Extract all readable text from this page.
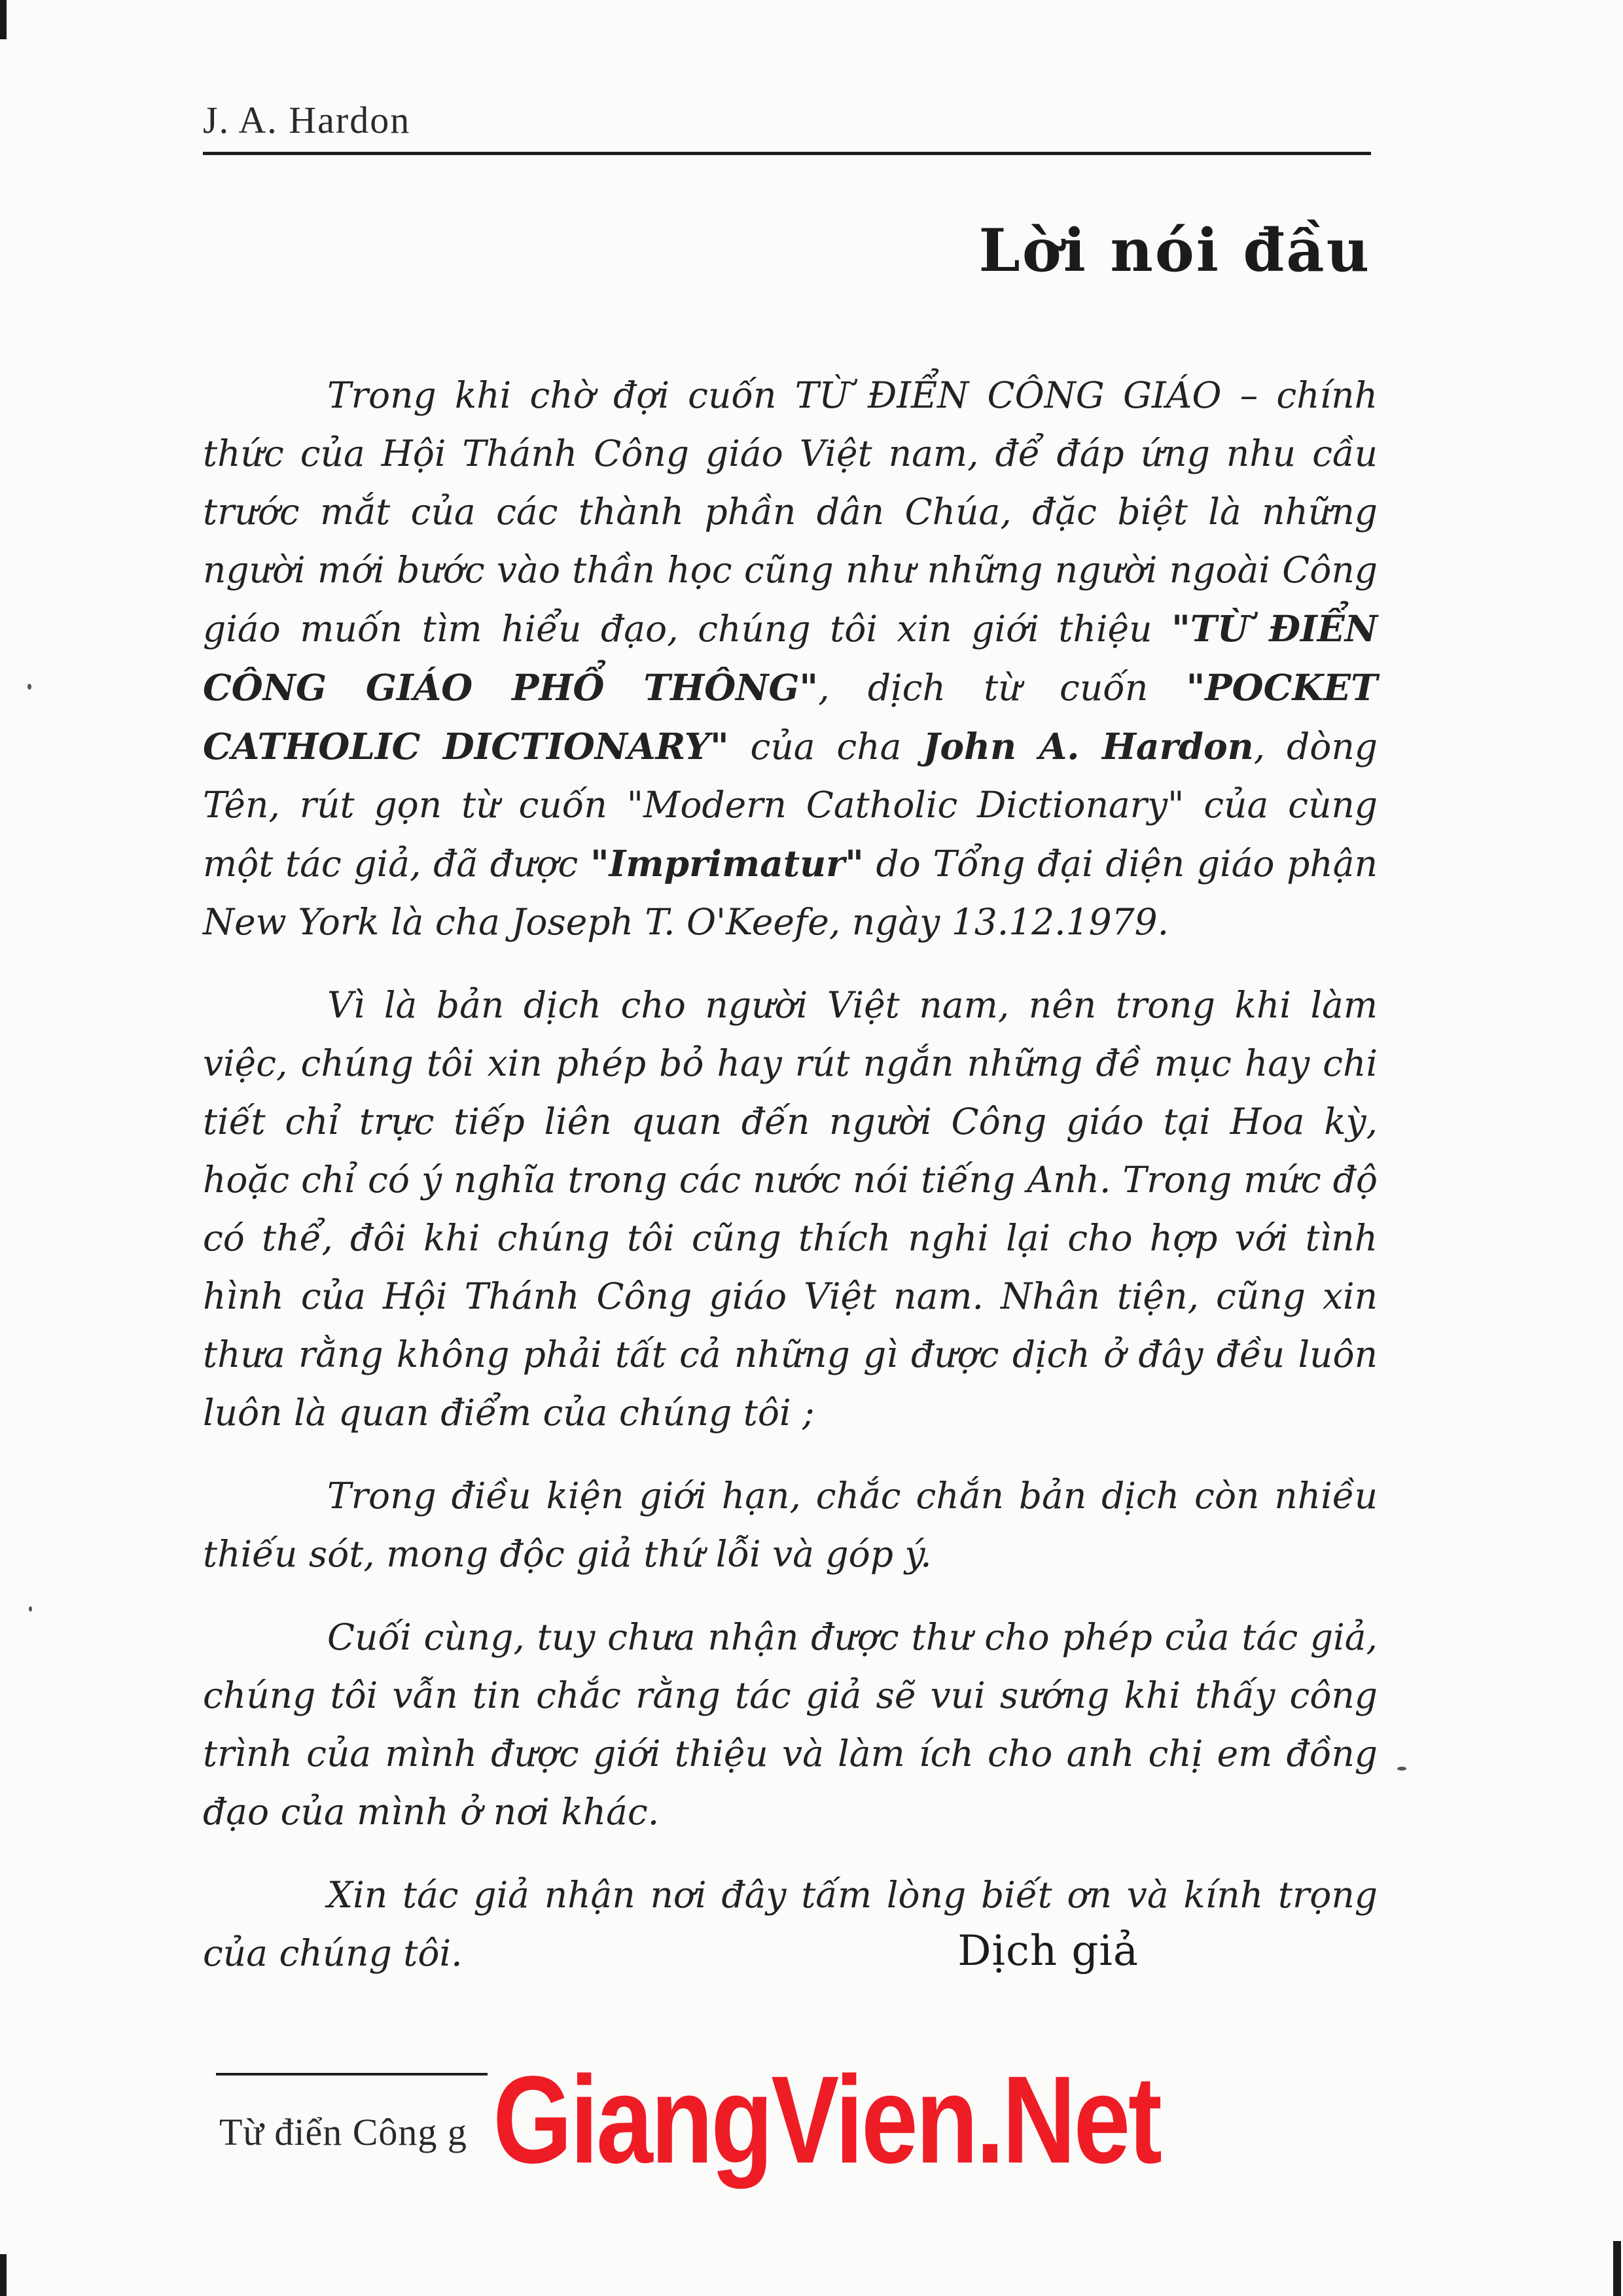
J. A. Hardon
Lời nói đầu

Trong khi chờ đợi cuốn TỪ ĐIỂN CÔNG GIÁO – chính thức của Hội Thánh Công giáo Việt nam, để đáp ứng nhu cầu trước mắt của các thành phần dân Chúa, đặc biệt là những người mới bước vào thần học cũng như những người ngoài Công giáo muốn tìm hiểu đạo, chúng tôi xin giới thiệu "TỪ ĐIỂN CÔNG GIÁO PHỔ THÔNG", dịch từ cuốn "POCKET CATHOLIC DICTIONARY" của cha John A. Hardon, dòng Tên, rút gọn từ cuốn "Modern Catholic Dictionary" của cùng một tác giả, đã được "Imprimatur" do Tổng đại diện giáo phận New York là cha Joseph T. O'Keefe, ngày 13.12.1979.

Vì là bản dịch cho người Việt nam, nên trong khi làm việc, chúng tôi xin phép bỏ hay rút ngắn những đề mục hay chi tiết chỉ trực tiếp liên quan đến người Công giáo tại Hoa kỳ, hoặc chỉ có ý nghĩa trong các nước nói tiếng Anh. Trong mức độ có thể, đôi khi chúng tôi cũng thích nghi lại cho hợp với tình hình của Hội Thánh Công giáo Việt nam. Nhân tiện, cũng xin thưa rằng không phải tất cả những gì được dịch ở đây đều luôn luôn là quan điểm của chúng tôi ;

Trong điều kiện giới hạn, chắc chắn bản dịch còn nhiều thiếu sót, mong độc giả thứ lỗi và góp ý.

Cuối cùng, tuy chưa nhận được thư cho phép của tác giả, chúng tôi vẫn tin chắc rằng tác giả sẽ vui sướng khi thấy công trình của mình được giới thiệu và làm ích cho anh chị em đồng đạo của mình ở nơi khác.

Xin tác giả nhận nơi đây tấm lòng biết ơn và kính trọng của chúng tôi.	Dịch giả
Từ điển Công g GiangVien.Net
